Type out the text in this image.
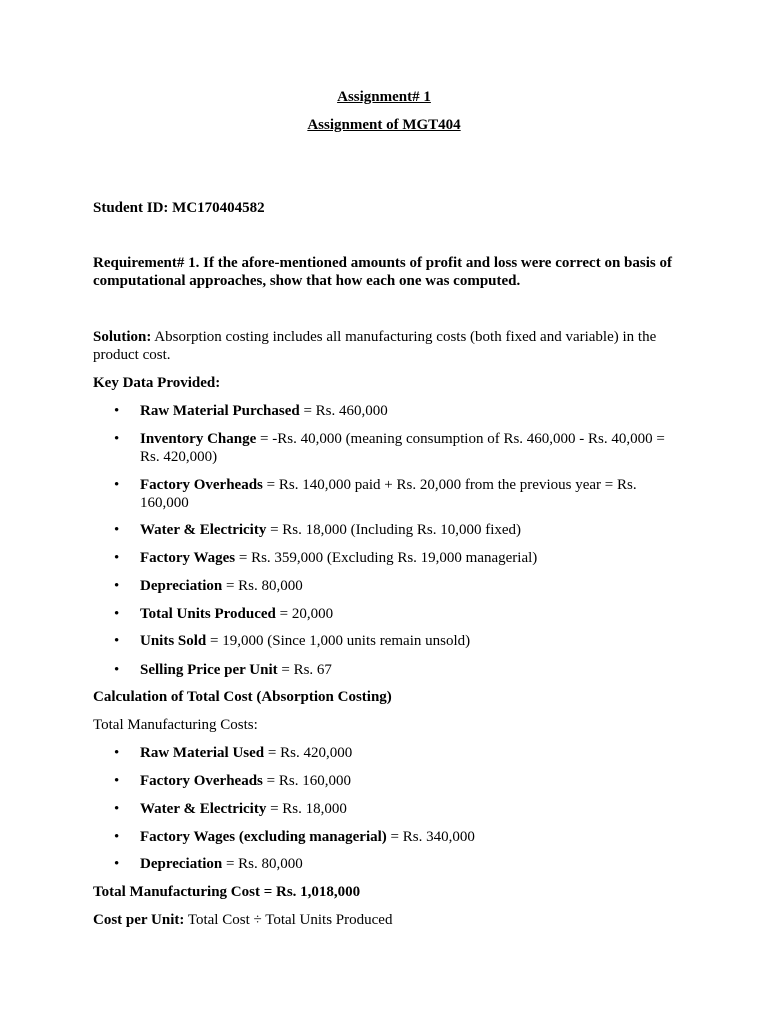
Assignment# 1
Assignment of MGT404
Student ID: MC170404582
Requirement# 1. If the afore-mentioned amounts of profit and loss were correct on basis of computational approaches, show that how each one was computed.
Solution: Absorption costing includes all manufacturing costs (both fixed and variable) in the product cost.
Key Data Provided:
• Raw Material Purchased = Rs. 460,000
• Inventory Change = -Rs. 40,000 (meaning consumption of Rs. 460,000 - Rs. 40,000 = Rs. 420,000)
• Factory Overheads = Rs. 140,000 paid + Rs. 20,000 from the previous year = Rs. 160,000
• Water & Electricity = Rs. 18,000 (Including Rs. 10,000 fixed)
• Factory Wages = Rs. 359,000 (Excluding Rs. 19,000 managerial)
• Depreciation = Rs. 80,000
• Total Units Produced = 20,000
• Units Sold = 19,000 (Since 1,000 units remain unsold)
• Selling Price per Unit = Rs. 67
Calculation of Total Cost (Absorption Costing)
Total Manufacturing Costs:
• Raw Material Used = Rs. 420,000
• Factory Overheads = Rs. 160,000
• Water & Electricity = Rs. 18,000
• Factory Wages (excluding managerial) = Rs. 340,000
• Depreciation = Rs. 80,000
Total Manufacturing Cost = Rs. 1,018,000
Cost per Unit: Total Cost ÷ Total Units Produced
